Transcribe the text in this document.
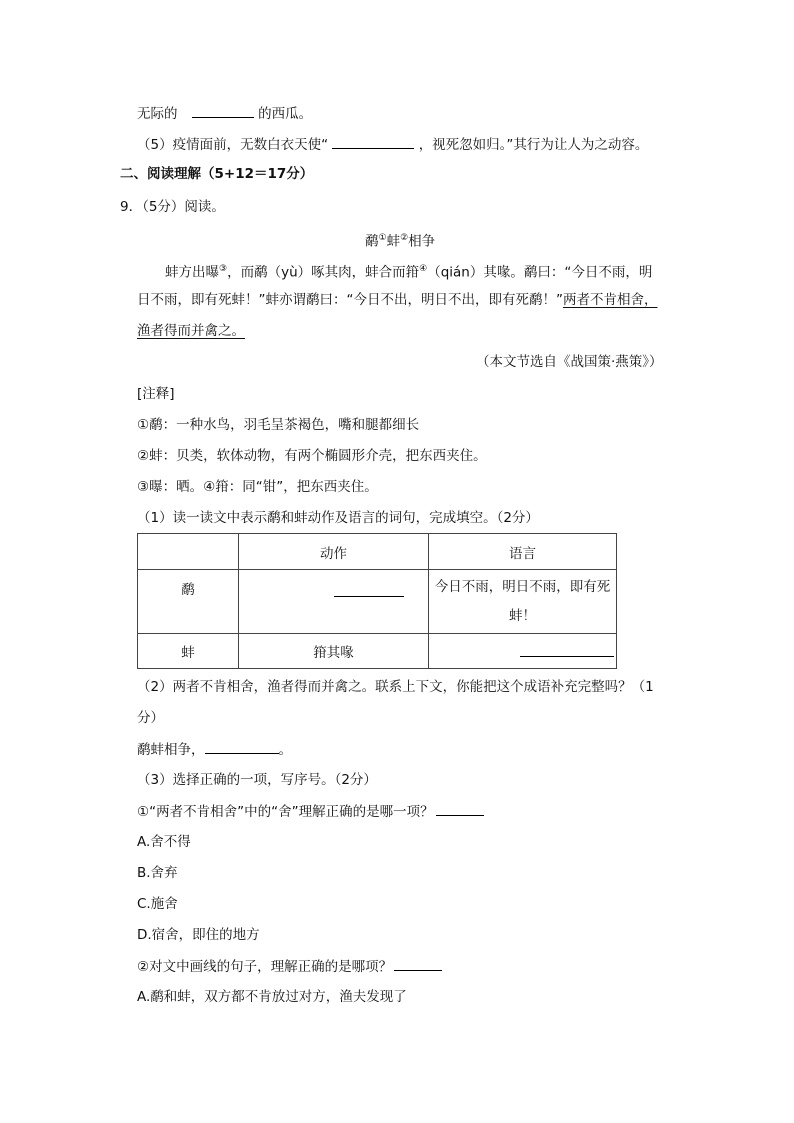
无际的	的西瓜。
（5）疫情面前，无数白衣天使“	，视死忽如归。”其行为让人为之动容。
二、阅读理解（5+12＝17分）
9．（5分）阅读。
鹬①蚌②相争
蚌方出曝③，而鹬（yù）啄其肉，蚌合而箝④（qián）其喙。鹬曰：“今日不雨，明
日不雨，即有死蚌！”蚌亦谓鹬曰：“今日不出，明日不出，即有死鹬！”两者不肯相舍，
渔者得而并禽之。
（本文节选自《战国策·燕策》）
[注释]
①鹬：一种水鸟，羽毛呈茶褐色，嘴和腿都细长
②蚌：贝类，软体动物，有两个椭圆形介壳，把东西夹住。
③曝：晒。④箝：同“钳”，把东西夹住。
（1）读一读文中表示鹬和蚌动作及语言的词句，完成填空。（2分）
	动作	语言
鹬		今日不雨，明日不雨，即有死
蚌！

蚌	箝其喙	
（2）两者不肯相舍，渔者得而并禽之。联系上下文，你能把这个成语补充完整吗？（1
分）
鹬蚌相争，	。
（3）选择正确的一项，写序号。（2分）
①“两者不肯相舍”中的“舍”理解正确的是哪一项？
A.舍不得
B.舍弃
C.施舍
D.宿舍，即住的地方
②对文中画线的句子，理解正确的是哪项？
A.鹬和蚌，双方都不肯放过对方，渔夫发现了
